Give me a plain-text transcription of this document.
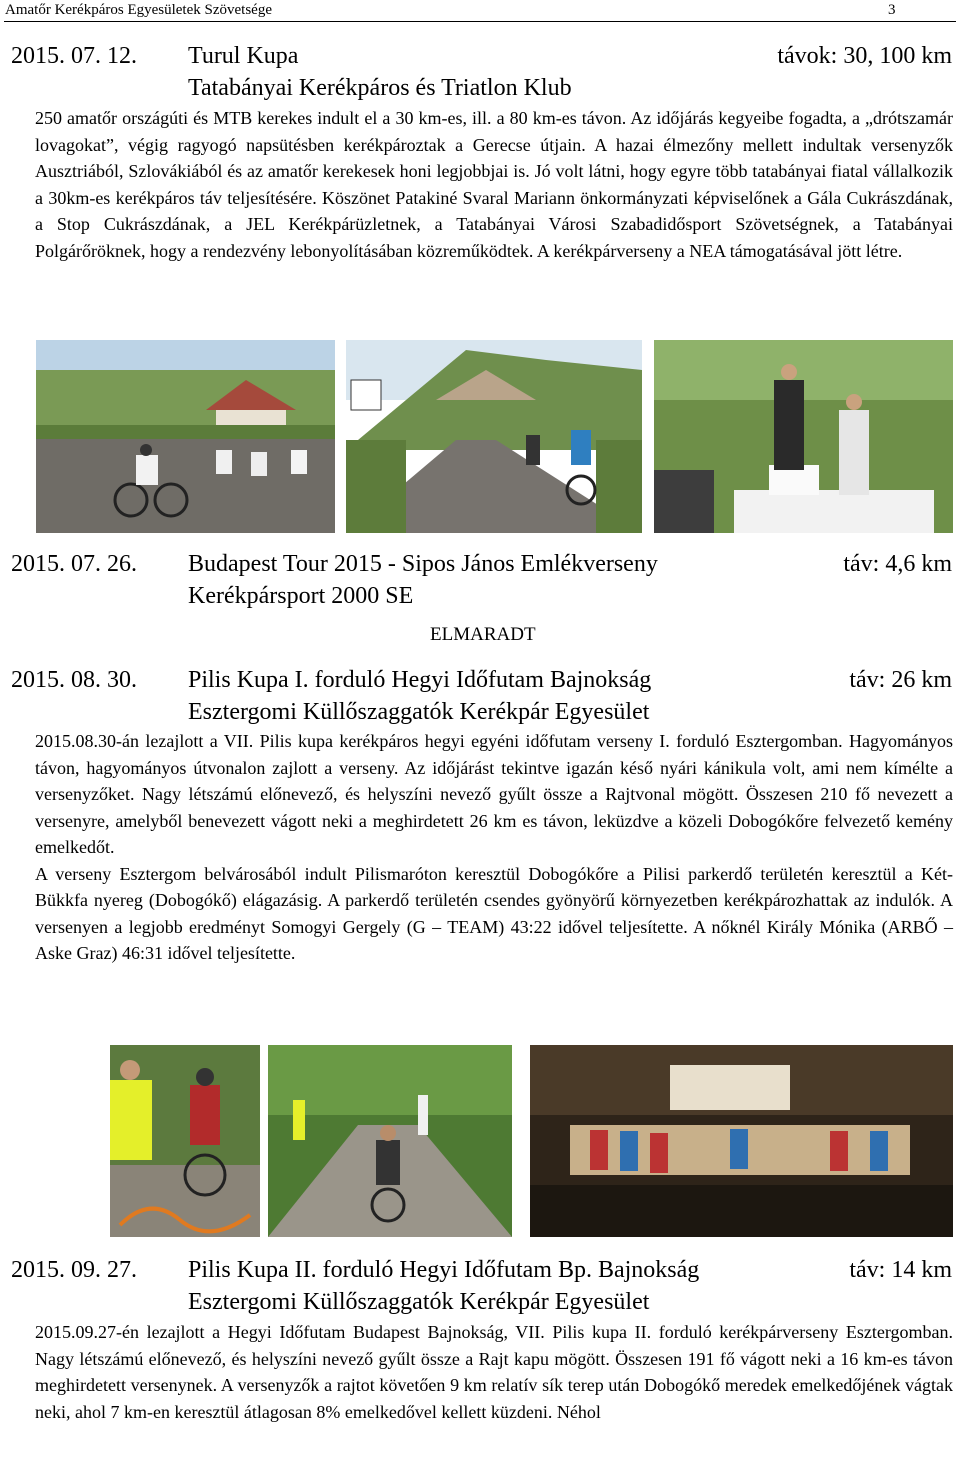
Amatőr Kerékpáros Egyesületek Szövetsége	3
2015. 07. 12. Turul Kupa	távok: 30, 100 km
Tatabányai Kerékpáros és Triatlon Klub

250 amatőr országúti és MTB kerekes indult el a 30 km-es, ill. a 80 km-es távon. Az időjárás kegyeibe fogadta, a „drótszamár lovagokat”, végig ragyogó napsütésben kerékpároztak a Gerecse útjain. A hazai élmezőny mellett indultak versenyzők Ausztriából, Szlovákiából és az amatőr kerekesek honi legjobbjai is. Jó volt látni, hogy egyre több tatabányai fiatal vállalkozik a 30km-es kerékpáros táv teljesítésére. Köszönet Patakiné Svaral Mariann önkormányzati képviselőnek a Gála Cukrászdának, a Stop Cukrászdának, a JEL Kerékpárüzletnek, a Tatabányai Városi Szabadidősport Szövetségnek, a Tatabányai Polgárőröknek, hogy a rendezvény lebonyolításában közreműködtek. A kerékpárverseny a NEA támogatásával jött létre.

2015. 07. 26. Budapest Tour 2015 - Sipos János Emlékverseny	táv: 4,6 km
Kerékpársport 2000 SE
ELMARADT
2015. 08. 30. Pilis Kupa I. forduló Hegyi Időfutam Bajnokság	táv: 26 km
Esztergomi Küllőszaggatók Kerékpár Egyesület

2015.08.30-án lezajlott a VII. Pilis kupa kerékpáros hegyi egyéni időfutam verseny I. forduló Esztergomban. Hagyományos távon, hagyományos útvonalon zajlott a verseny. Az időjárást tekintve igazán késő nyári kánikula volt, ami nem kímélte a versenyzőket. Nagy létszámú előnevező, és helyszíni nevező gyűlt össze a Rajtvonal mögött. Összesen 210 fő nevezett a versenyre, amelyből benevezett vágott neki a meghirdetett 26 km es távon, leküzdve a közeli Dobogókőre felvezető kemény emelkedőt.

A verseny Esztergom belvárosából indult Pilismaróton keresztül Dobogókőre a Pilisi parkerdő területén keresztül a Két-Bükkfa nyereg (Dobogókő) elágazásig. A parkerdő területén csendes gyönyörű környezetben kerékpározhattak az indulók. A versenyen a legjobb eredményt Somogyi Gergely (G – TEAM) 43:22 idővel teljesítette. A nőknél Király Mónika (ARBŐ – Aske Graz) 46:31 idővel teljesítette.

2015. 09. 27. Pilis Kupa II. forduló Hegyi Időfutam Bp. Bajnokság	táv: 14 km
Esztergomi Küllőszaggatók Kerékpár Egyesület

2015.09.27-én lezajlott a Hegyi Időfutam Budapest Bajnokság, VII. Pilis kupa II. forduló kerékpárverseny Esztergomban. Nagy létszámú előnevező, és helyszíni nevező gyűlt össze a Rajt kapu mögött. Összesen 191 fő vágott neki a 16 km-es távon meghirdetett versenynek. A versenyzők a rajtot követően 9 km relatív sík terep után Dobogókő meredek emelkedőjének vágtak neki, ahol 7 km-en keresztül átlagosan 8% emelkedővel kellett küzdeni. Néhol
